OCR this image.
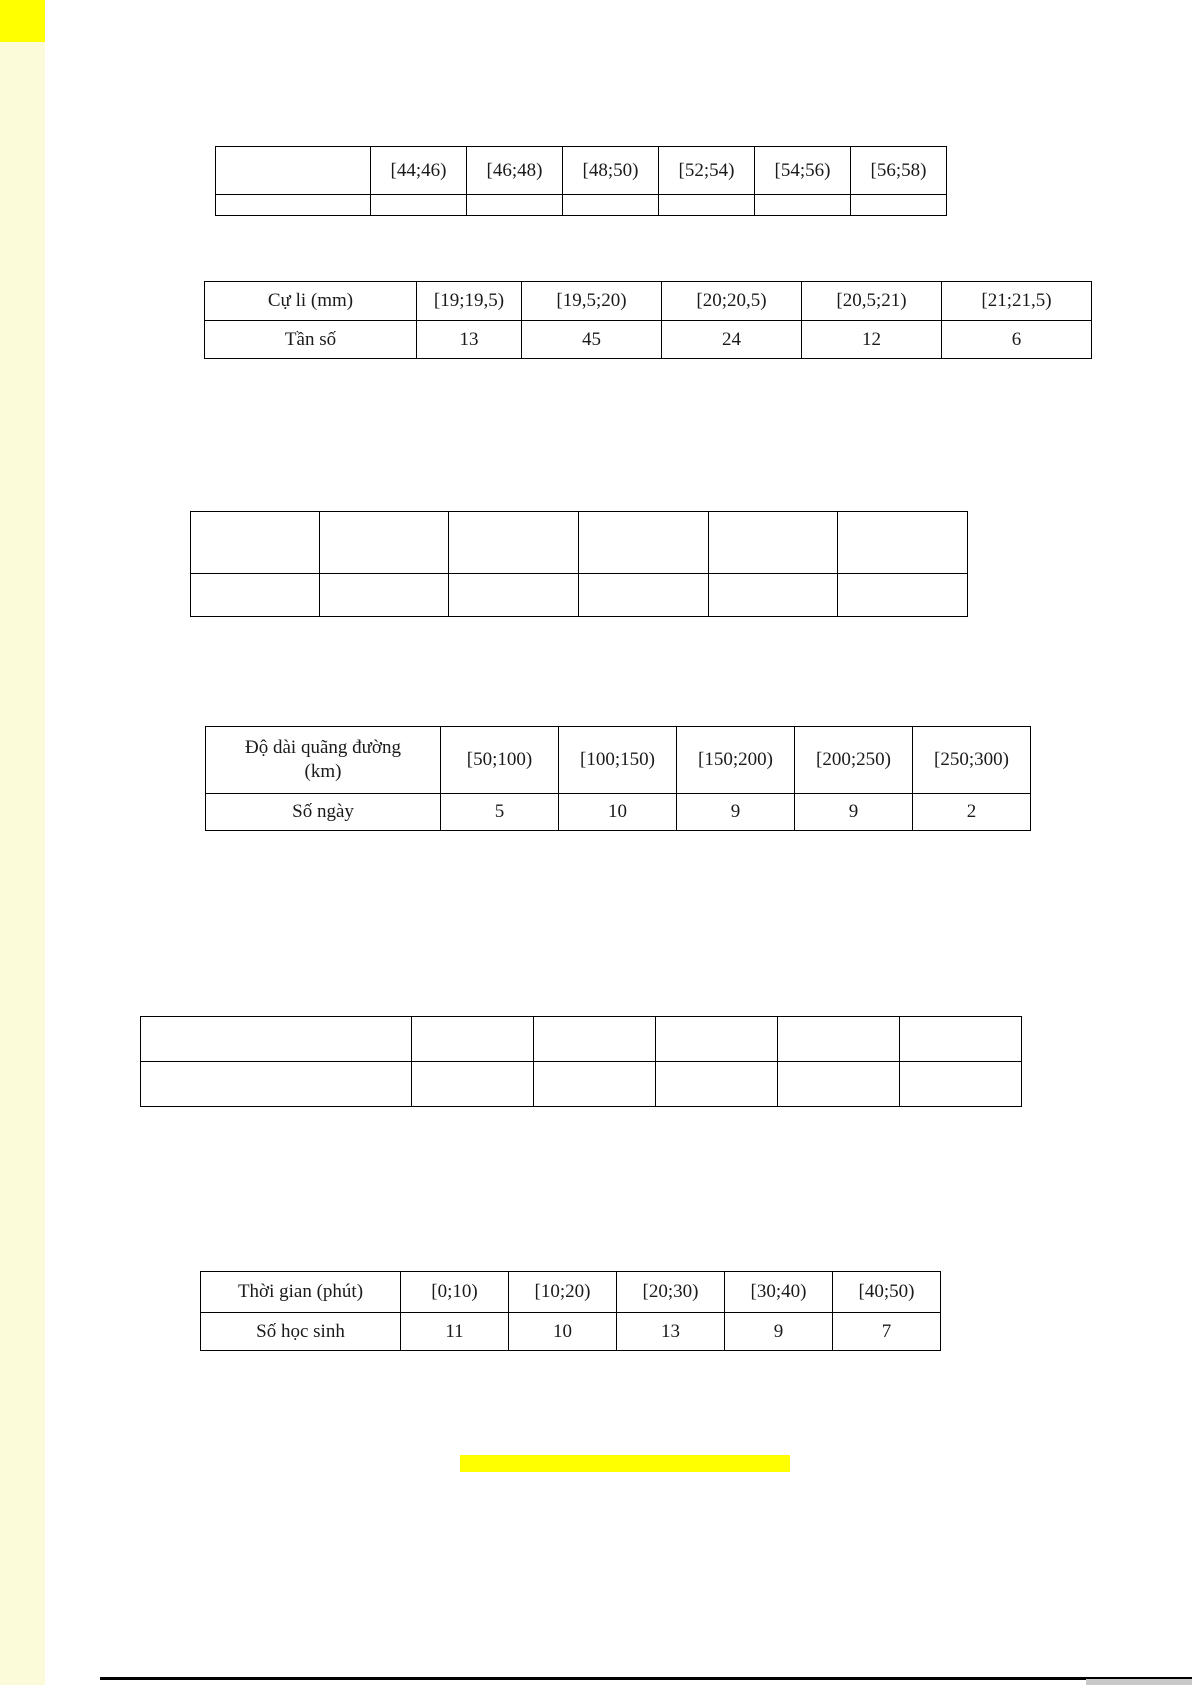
	[44;46)	[46;48)	[48;50)	[52;54)	[54;56)	[56;58)

Cự li (mm)	[19;19,5)	[19,5;20)	[20;20,5)	[20,5;21)	[21;21,5)
Tần số	13	45	24	12	6

Độ dài quãng đường
(km)	[50;100)	[100;150)	[150;200)	[200;250)	[250;300)
Số ngày	5	10	9	9	2

Thời gian (phút)	[0;10)	[10;20)	[20;30)	[30;40)	[40;50)
Số học sinh	11	10	13	9	7
